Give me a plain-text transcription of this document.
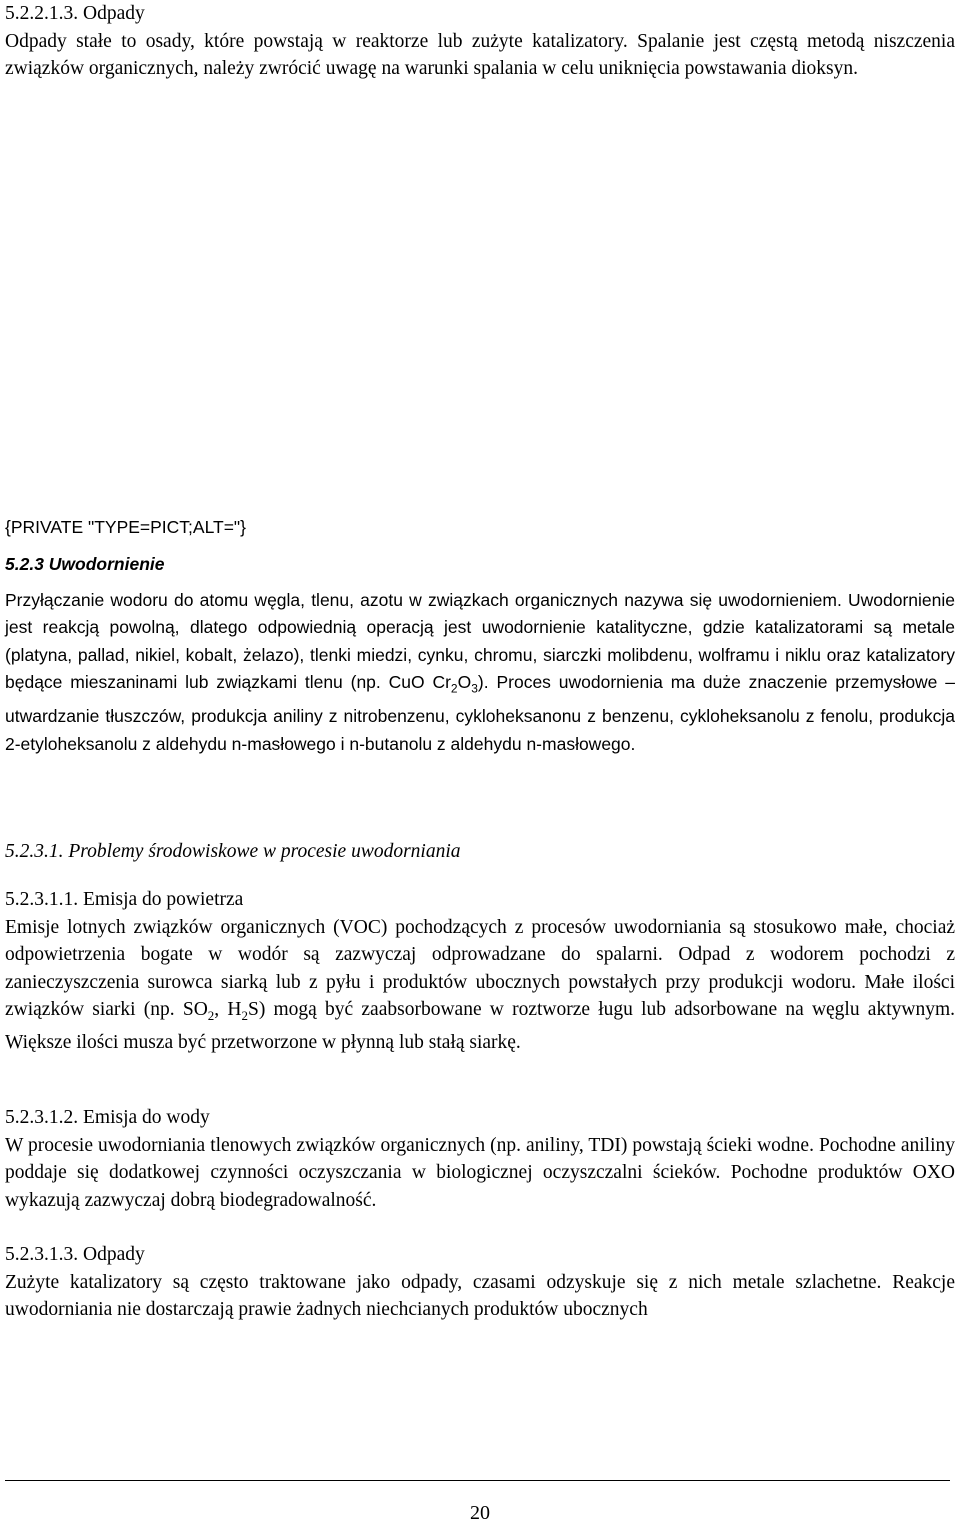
5.2.2.1.3. Odpady

Odpady stałe to osady, które powstają w reaktorze lub zużyte katalizatory. Spalanie jest częstą metodą niszczenia związków organicznych, należy zwrócić uwagę na warunki spalania w celu uniknięcia powstawania dioksyn.

{PRIVATE "TYPE=PICT;ALT="}

5.2.3 Uwodornienie

Przyłączanie wodoru do atomu węgla, tlenu, azotu w związkach organicznych nazywa się uwodornieniem. Uwodornienie jest reakcją powolną, dlatego odpowiednią operacją jest uwodornienie katalityczne, gdzie katalizatorami są metale (platyna, pallad, nikiel, kobalt, żelazo), tlenki miedzi, cynku, chromu, siarczki molibdenu, wolframu i niklu oraz katalizatory będące mieszaninami lub związkami tlenu (np. CuO $Cr_2O_3$). Proces uwodornienia ma duże znaczenie przemysłowe – utwardzanie tłuszczów, produkcja aniliny z nitrobenzenu, cykloheksanonu z benzenu, cykloheksanolu z fenolu, produkcja 2-etyloheksanolu z aldehydu n-masłowego i n-butanolu z aldehydu n-masłowego.

5.2.3.1. Problemy środowiskowe w procesie uwodorniania

5.2.3.1.1. Emisja do powietrza

Emisje lotnych związków organicznych (VOC) pochodzących z procesów uwodorniania są stosukowo małe, chociaż odpowietrzenia bogate w wodór są zazwyczaj odprowadzane do spalarni. Odpad z wodorem pochodzi z zanieczyszczenia surowca siarką lub z pyłu i produktów ubocznych powstałych przy produkcji wodoru. Małe ilości związków siarki (np. $SO_2$, $H_2S$) mogą być zaabsorbowane w roztworze ługu lub adsorbowane na węglu aktywnym. Większe ilości musza być przetworzone w płynną lub stałą siarkę.

5.2.3.1.2. Emisja do wody

W procesie uwodorniania tlenowych związków organicznych (np. aniliny, TDI) powstają ścieki wodne. Pochodne aniliny poddaje się dodatkowej czynności oczyszczania w biologicznej oczyszczalni ścieków. Pochodne produktów OXO wykazują zazwyczaj dobrą biodegradowalność.

5.2.3.1.3. Odpady

Zużyte katalizatory są często traktowane jako odpady, czasami odzyskuje się z nich metale szlachetne. Reakcje uwodorniania nie dostarczają prawie żadnych niechcianych produktów ubocznych

20
